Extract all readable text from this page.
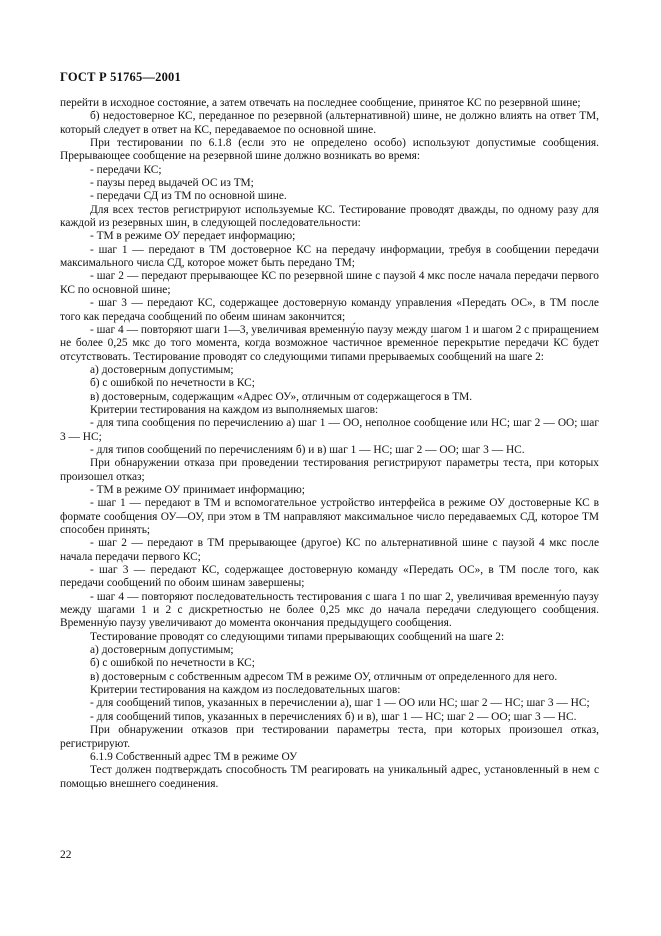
ГОСТ Р 51765—2001

перейти в исходное состояние, а затем отвечать на последнее сообщение, принятое КС по резервной шине;

б) недостоверное КС, переданное по резервной (альтернативной) шине, не должно влиять на ответ ТМ, который следует в ответ на КС, передаваемое по основной шине.

При тестировании по 6.1.8 (если это не определено особо) используют допустимые сообщения. Прерывающее сообщение на резервной шине должно возникать во время:

- передачи КС;

- паузы перед выдачей ОС из ТМ;

- передачи СД из ТМ по основной шине.

Для всех тестов регистрируют используемые КС. Тестирование проводят дважды, по одному разу для каждой из резервных шин, в следующей последовательности:

- ТМ в режиме ОУ передает информацию;

- шаг 1 — передают в ТМ достоверное КС на передачу информации, требуя в сообщении передачи максимального числа СД, которое может быть передано ТМ;

- шаг 2 — передают прерывающее КС по резервной шине с паузой 4 мкс после начала передачи первого КС по основной шине;

- шаг 3 — передают КС, содержащее достоверную команду управления «Передать ОС», в ТМ после того как передача сообщений по обеим шинам закончится;

- шаг 4 — повторяют шаги 1—3, увеличивая временну́ю паузу между шагом 1 и шагом 2 с приращением не более 0,25 мкс до того момента, когда возможное частичное временно́е перекрытие передачи КС будет отсутствовать. Тестирование проводят со следующими типами прерываемых сообщений на шаге 2:

а) достоверным допустимым;

б) с ошибкой по нечетности в КС;

в) достоверным, содержащим «Адрес ОУ», отличным от содержащегося в ТМ.

Критерии тестирования на каждом из выполняемых шагов:

- для типа сообщения по перечислению а) шаг 1 — ОО, неполное сообщение или НС; шаг 2 — ОО; шаг 3 — НС;

- для типов сообщений по перечислениям б) и в) шаг 1 — НС; шаг 2 — ОО; шаг 3 — НС.

При обнаружении отказа при проведении тестирования регистрируют параметры теста, при которых произошел отказ;

- ТМ в режиме ОУ принимает информацию;

- шаг 1 — передают в ТМ и вспомогательное устройство интерфейса в режиме ОУ достоверные КС в формате сообщения ОУ—ОУ, при этом в ТМ направляют максимальное число передаваемых СД, которое ТМ способен принять;

- шаг 2 — передают в ТМ прерывающее (другое) КС по альтернативной шине с паузой 4 мкс после начала передачи первого КС;

- шаг 3 — передают КС, содержащее достоверную команду «Передать ОС», в ТМ после того, как передачи сообщений по обоим шинам завершены;

- шаг 4 — повторяют последовательность тестирования с шага 1 по шаг 2, увеличивая временну́ю паузу между шагами 1 и 2 с дискретностью не более 0,25 мкс до начала передачи следующего сообщения. Временну́ю паузу увеличивают до момента окончания предыдущего сообщения.

Тестирование проводят со следующими типами прерывающих сообщений на шаге 2:

а) достоверным допустимым;

б) с ошибкой по нечетности в КС;

в) достоверным с собственным адресом ТМ в режиме ОУ, отличным от определенного для него.

Критерии тестирования на каждом из последовательных шагов:

- для сообщений типов, указанных в перечислении а), шаг 1 — ОО или НС; шаг 2 — НС; шаг 3 — НС;

- для сообщений типов, указанных в перечислениях б) и в), шаг 1 — НС; шаг 2 — ОО; шаг 3 — НС.

При обнаружении отказов при тестировании параметры теста, при которых произошел отказ, регистрируют.

6.1.9 Собственный адрес ТМ в режиме ОУ

Тест должен подтверждать способность ТМ реагировать на уникальный адрес, установленный в нем с помощью внешнего соединения.

22
